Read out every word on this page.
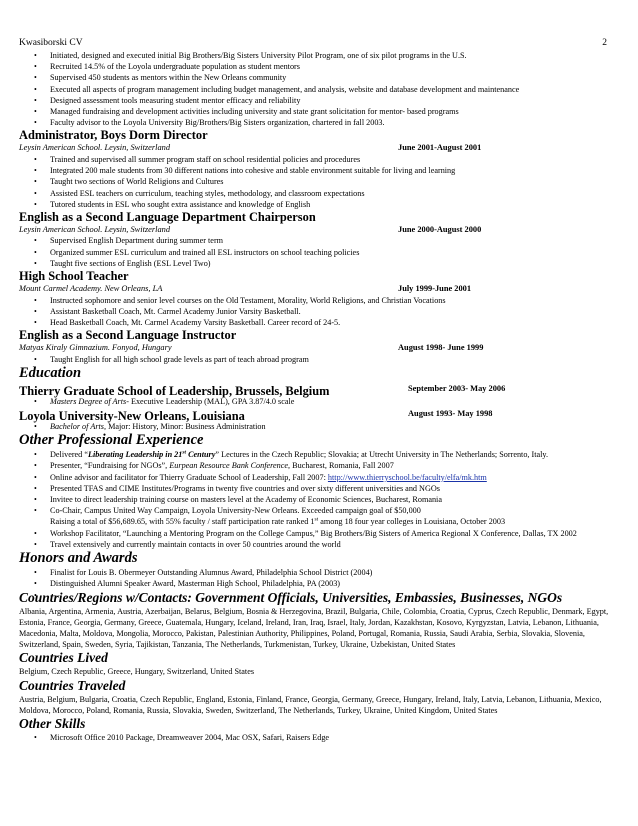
Kwasiborski CV	2
• Initiated, designed and executed initial Big Brothers/Big Sisters University Pilot Program, one of six pilot programs in the U.S.
• Recruited 14.5% of the Loyola undergraduate population as student mentors
• Supervised 450 students as mentors within the New Orleans community
• Executed all aspects of program management including budget management, and analysis, website and database development and maintenance
• Designed assessment tools measuring student mentor efficacy and reliability
• Managed fundraising and development activities including university and state grant solicitation for mentor- based programs
• Faculty advisor to the Loyola University Big/Brothers/Big Sisters organization, chartered in fall 2003.
Administrator, Boys Dorm Director
Leysin American School. Leysin, Switzerland	June 2001-August 2001
• Trained and supervised all summer program staff on school residential policies and procedures
• Integrated 200 male students from 30 different nations into cohesive and stable environment suitable for living and learning
• Taught two sections of World Religions and Cultures
• Assisted ESL teachers on curriculum, teaching styles, methodology, and classroom expectations
• Tutored students in ESL who sought extra assistance and knowledge of English
English as a Second Language Department Chairperson
Leysin American School. Leysin, Switzerland	June 2000-August 2000
• Supervised English Department during summer term
• Organized summer ESL curriculum and trained all ESL instructors on school teaching policies
• Taught five sections of English (ESL Level Two)
High School Teacher
Mount Carmel Academy. New Orleans, LA	July 1999-June 2001
• Instructed sophomore and senior level courses on the Old Testament, Morality, World Religions, and Christian Vocations
• Assistant Basketball Coach, Mt. Carmel Academy Junior Varsity Basketball.
• Head Basketball Coach, Mt. Carmel Academy Varsity Basketball. Career record of 24-5.
English as a Second Language Instructor
Matyas Kiraly Gimnazium. Fonyod, Hungary	August 1998- June 1999
• Taught English for all high school grade levels as part of teach abroad program
Education
Thierry Graduate School of Leadership, Brussels, Belgium	September 2003- May 2006
• Masters Degree of Arts- Executive Leadership (MAL), GPA 3.87/4.0 scale
Loyola University-New Orleans, Louisiana	August 1993- May 1998
• Bachelor of Arts, Major: History, Minor: Business Administration
Other Professional Experience
• Delivered “Liberating Leadership in 21st Century” Lectures in the Czech Republic; Slovakia; at Utrecht University in The Netherlands; Sorrento, Italy.
• Presenter, “Fundraising for NGOs”, Eurpean Resource Bank Conference, Bucharest, Romania, Fall 2007
• Online advisor and facilitator for Thierry Graduate School of Leadership, Fall 2007: http://www.thierryschool.be/faculty/elfa/mk.htm
• Presented TFAS and CIME Institutes/Programs in twenty five countries and over sixty different universities and NGOs
• Invitee to direct leadership training course on masters level at the Academy of Economic Sciences, Bucharest, Romania
• Co-Chair, Campus United Way Campaign, Loyola University-New Orleans. Exceeded campaign goal of $50,000
Raising a total of $56,689.65, with 55% faculty / staff participation rate ranked 1st among 18 four year colleges in Louisiana, October 2003
• Workshop Facilitator, “Launching a Mentoring Program on the College Campus,” Big Brothers/Big Sisters of America Regional X Conference, Dallas, TX 2002
• Travel extensively and currently maintain contacts in over 50 countries around the world
Honors and Awards
• Finalist for Louis B. Obermeyer Outstanding Alumnus Award, Philadelphia School District (2004)
• Distinguished Alumni Speaker Award, Masterman High School, Philadelphia, PA (2003)
Countries/Regions w/Contacts: Government Officials, Universities, Embassies, Businesses, NGOs

Albania, Argentina, Armenia, Austria, Azerbaijan, Belarus, Belgium, Bosnia & Herzegovina, Brazil, Bulgaria, Chile, Colombia, Croatia, Cyprus, Czech Republic, Denmark, Egypt, Estonia, France, Georgia, Germany, Greece, Guatemala, Hungary, Iceland, Ireland, Iran, Iraq, Israel, Italy, Jordan, Kazakhstan, Kosovo, Kyrgyzstan, Latvia, Lebanon, Lithuania, Macedonia, Malta, Moldova, Mongolia, Morocco, Pakistan, Palestinian Authority, Philippines, Poland, Portugal, Romania, Russia, Saudi Arabia, Serbia, Slovakia, Slovenia, Switzerland, Spain, Sweden, Syria, Tajikistan, Tanzania, The Netherlands, Turkmenistan, Turkey, Ukraine, Uzbekistan, United States

Countries Lived

Belgium, Czech Republic, Greece, Hungary, Switzerland, United States

Countries Traveled

Austria, Belgium, Bulgaria, Croatia, Czech Republic, England, Estonia, Finland, France, Georgia, Germany, Greece, Hungary, Ireland, Italy, Latvia, Lebanon, Lithuania, Mexico, Moldova, Morocco, Poland, Romania, Russia, Slovakia, Sweden, Switzerland, The Netherlands, Turkey, Ukraine, United Kingdom, United States

Other Skills
• Microsoft Office 2010 Package, Dreamweaver 2004, Mac OSX, Safari, Raisers Edge
